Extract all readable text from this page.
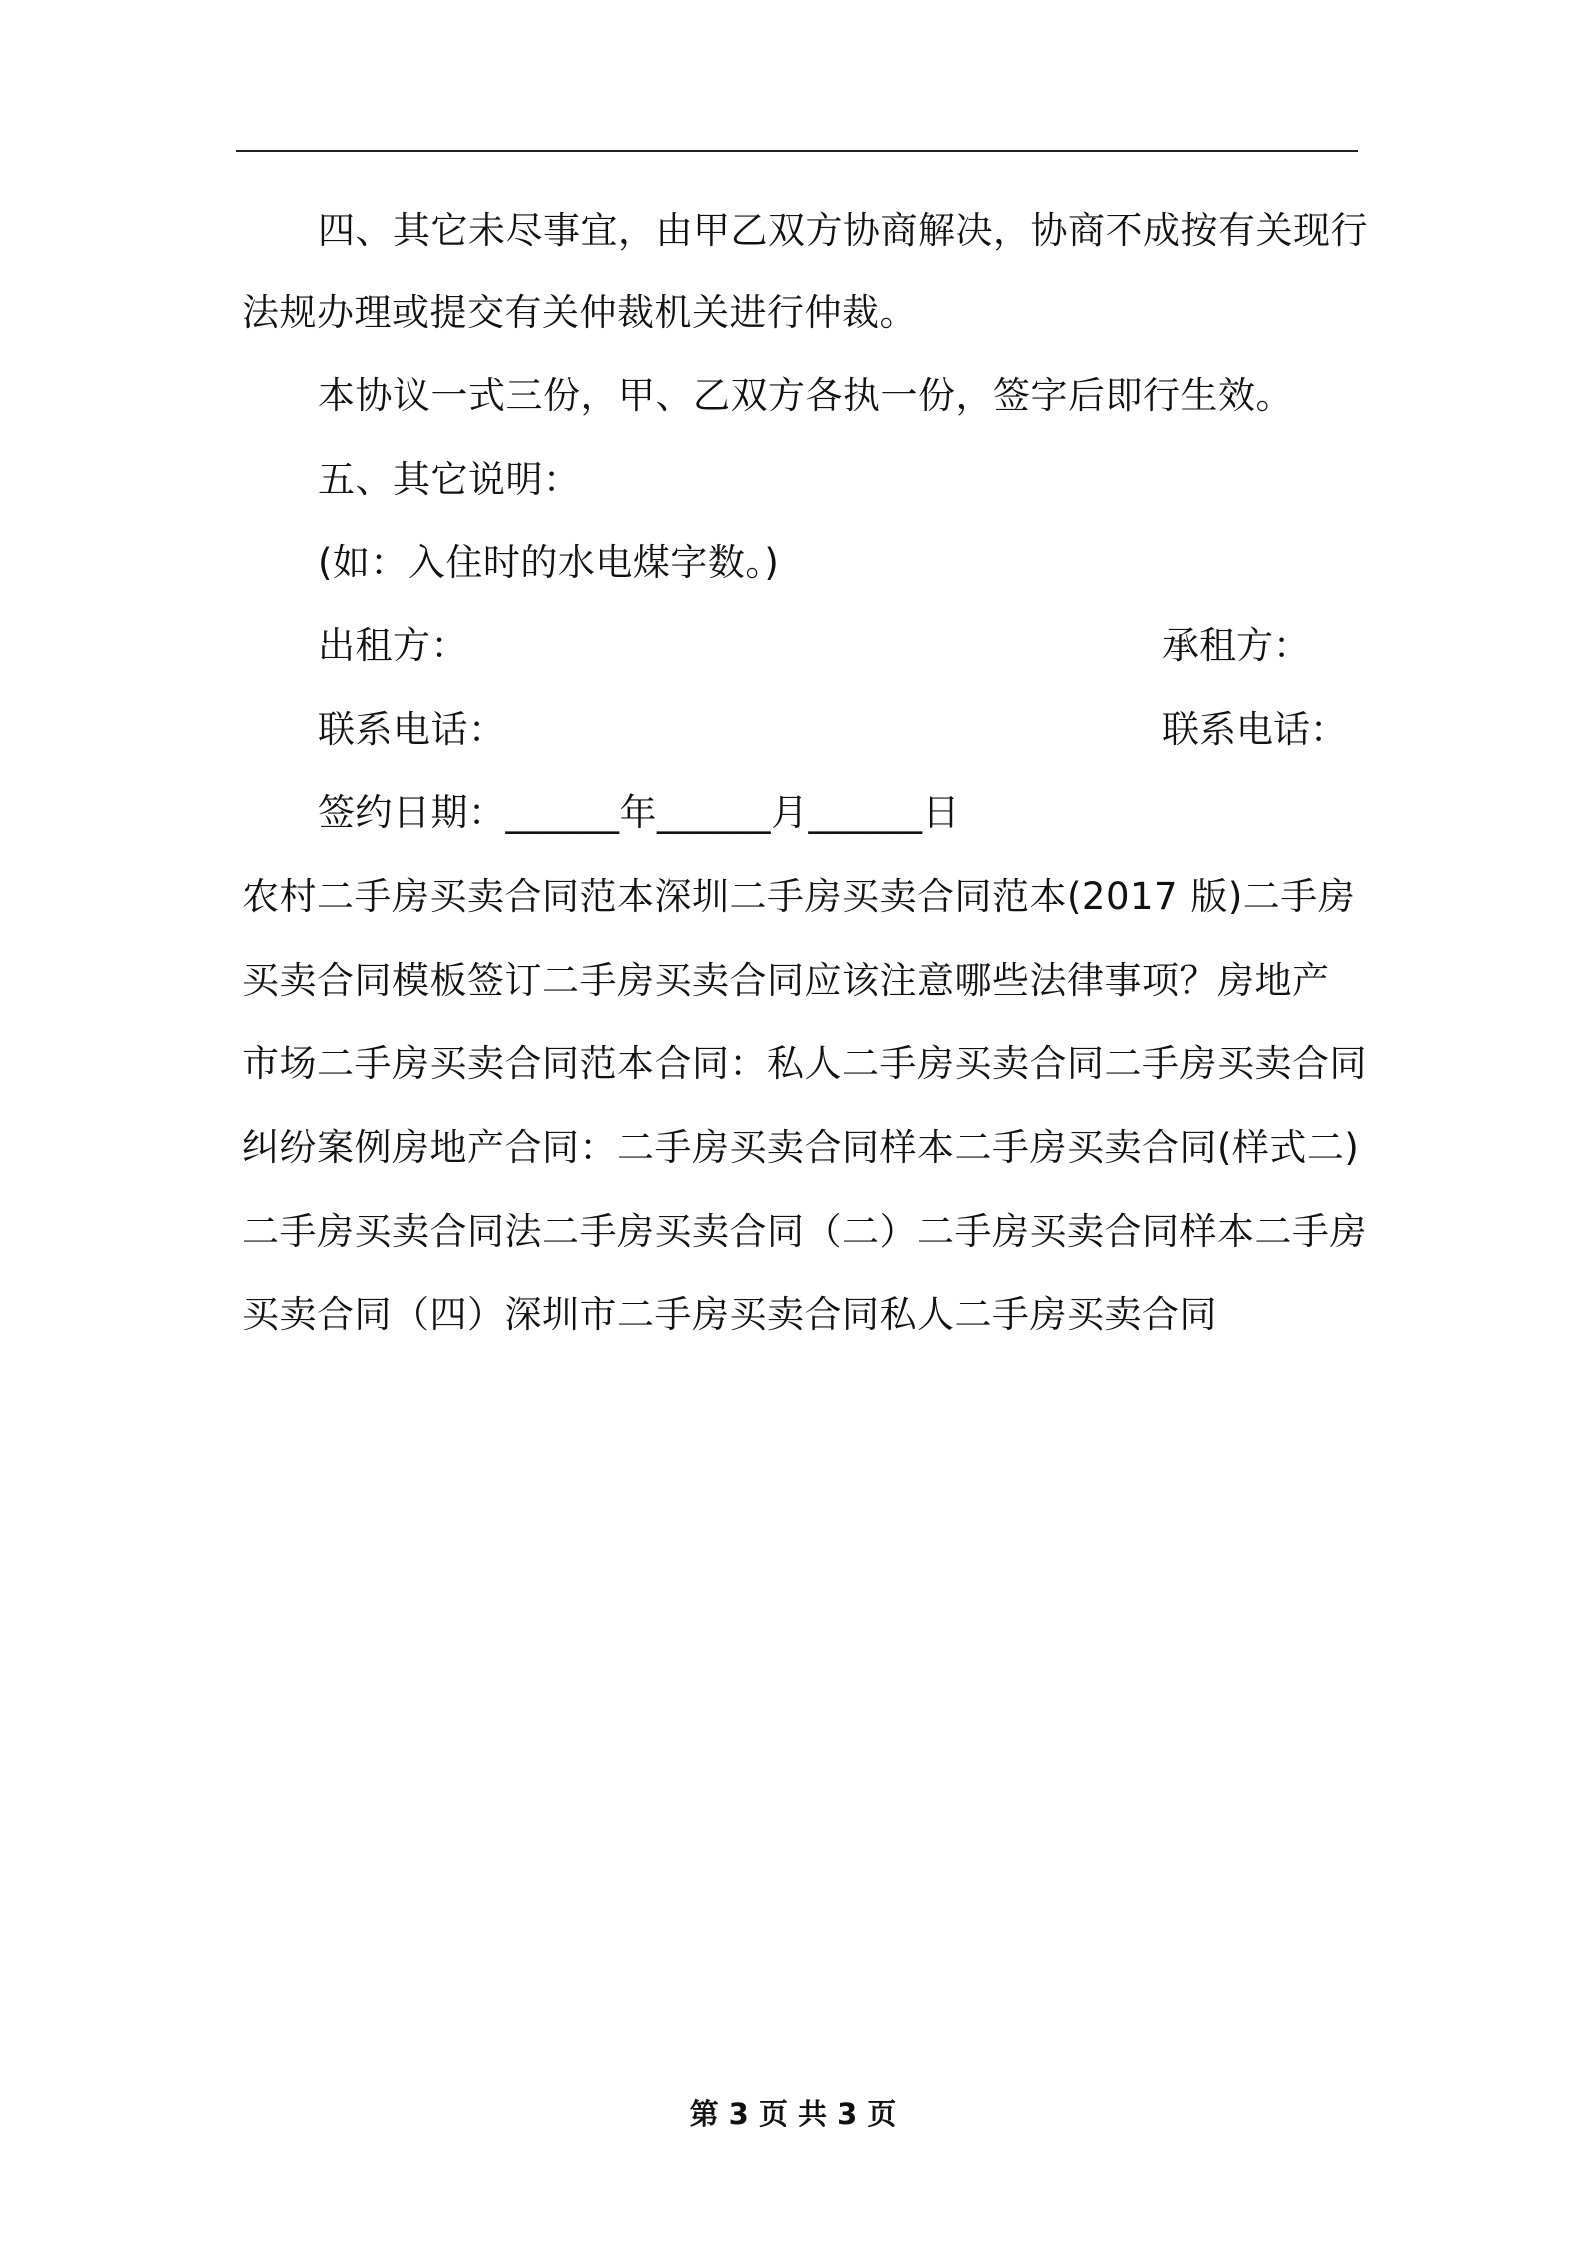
四、其它未尽事宜，由甲乙双方协商解决，协商不成按有关现行
法规办理或提交有关仲裁机关进行仲裁。
本协议一式三份，甲、乙双方各执一份，签字后即行生效。
五、其它说明：
(如：入住时的水电煤字数。)
出租方：	承租方：
联系电话：	联系电话：
签约日期：______年______月______日
农村二手房买卖合同范本深圳二手房买卖合同范本(2017 版)二手房
买卖合同模板签订二手房买卖合同应该注意哪些法律事项？房地产
市场二手房买卖合同范本合同：私人二手房买卖合同二手房买卖合同
纠纷案例房地产合同：二手房买卖合同样本二手房买卖合同(样式二)
二手房买卖合同法二手房买卖合同（二）二手房买卖合同样本二手房
买卖合同（四）深圳市二手房买卖合同私人二手房买卖合同
第 3 页 共 3 页
